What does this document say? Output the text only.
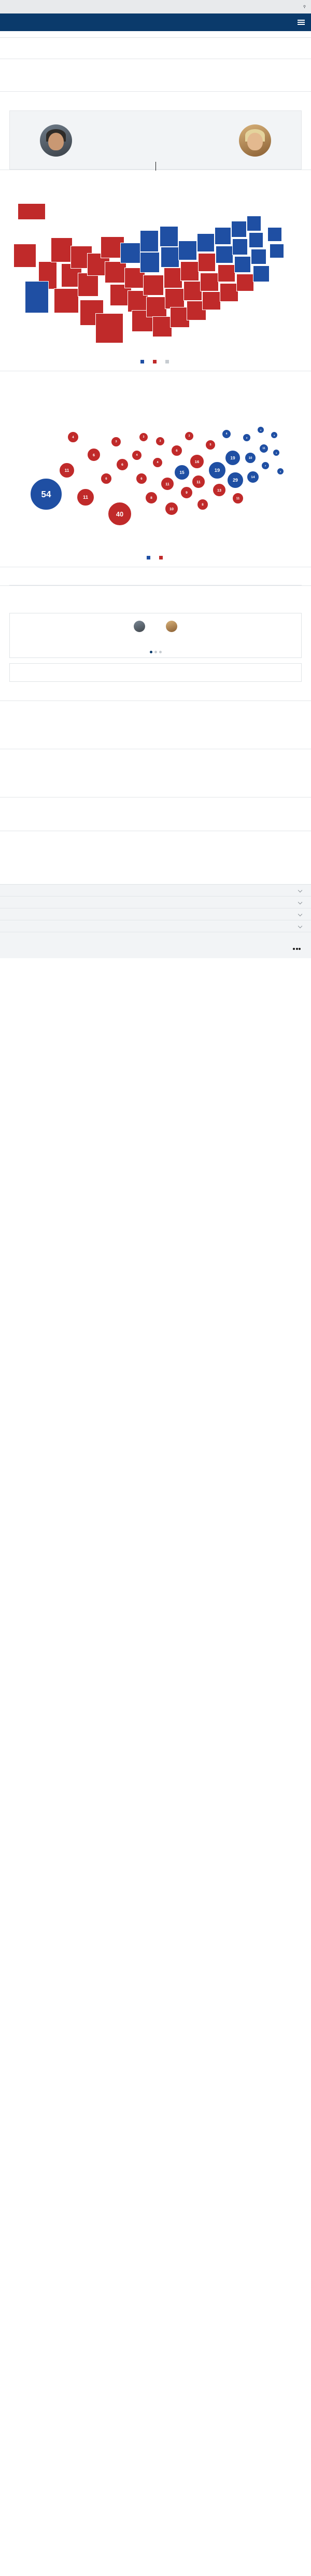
⚲
54
4
11
6
11
6
3
6
40
4
6
3
8
4
3
11
10
6
15
9
3
16
11
8
5
19
13
4
19
29
11
3
10
14
4
11
7
3
4
3
